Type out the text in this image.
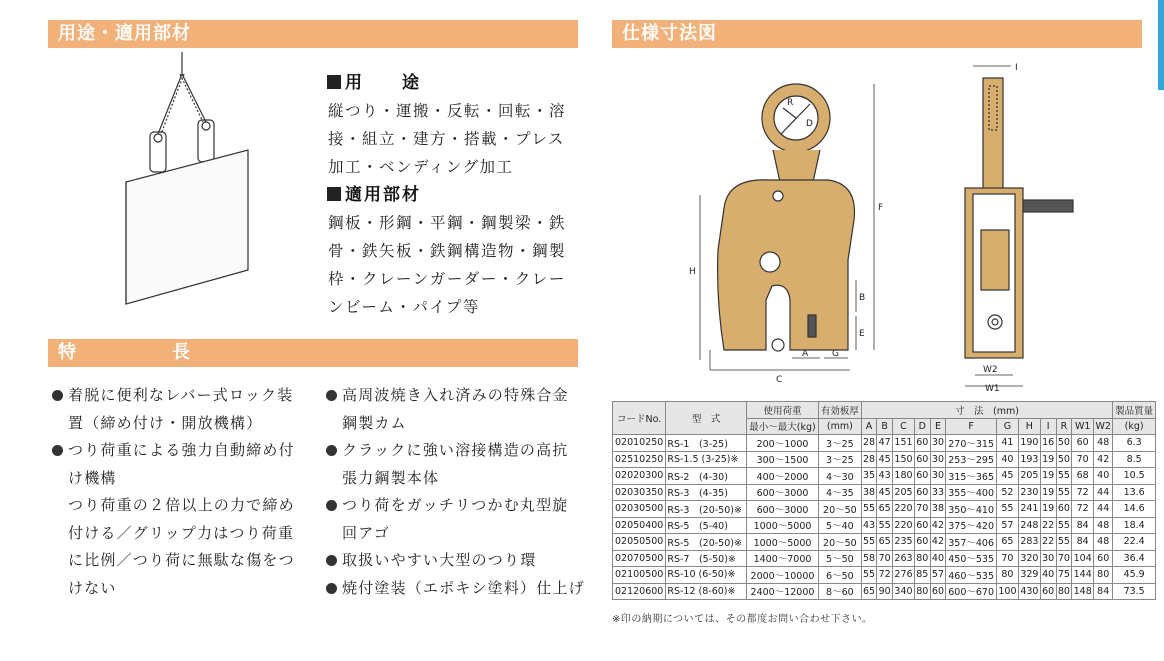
用途・適用部材
特　　　　　長
仕様寸法図
用　　途
縦つり・運搬・反転・回転・溶
接・組立・建方・搭載・プレス
加工・ベンディング加工
適用部材
鋼板・形鋼・平鋼・鋼製梁・鉄
骨・鉄矢板・鉄鋼構造物・鋼製
枠・クレーンガーダー・クレー
ンビーム・パイプ等
着脱に便利なレバー式ロック装
置（締め付け・開放機構）
つり荷重による強力自動締め付
け機構
つり荷重の２倍以上の力で締め
付ける／グリップ力はつり荷重
に比例／つり荷に無駄な傷をつ
けない
高周波焼き入れ済みの特殊合金
鋼製カム
クラックに強い溶接構造の高抗
張力鋼製本体
つり荷をガッチリつかむ丸型旋
回アゴ
取扱いやすい大型のつり環
焼付塗装（エポキシ塗料）仕上げ
R
D
F
H
B
E
A	G
C
I
W2
W1
コードNo.	型　式	使用荷重	有効板厚	寸　法　(mm)												製品質量
		最小～最大(kg)	(mm)	A	B	C	D	E	F	G	H	I	R	W1	W2	(kg)
02010250	RS-1　(3-25)	200～1000	3～25	28	47	151	60	30	270～315	41	190	16	50	60	48	6.3
02510250	RS-1.5 (3-25)※	300～1500	3～25	28	45	150	60	30	253～295	40	193	19	50	70	42	8.5
02020300	RS-2　(4-30)	400～2000	4～30	35	43	180	60	30	315～365	45	205	19	55	68	40	10.5
02030350	RS-3　(4-35)	600～3000	4～35	38	45	205	60	33	355～400	52	230	19	55	72	44	13.6
02030500	RS-3　(20-50)※	600～3000	20～50	55	65	220	70	38	350～410	55	241	19	60	72	44	14.6
02050400	RS-5　(5-40)	1000～5000	5～40	43	55	220	60	42	375～420	57	248	22	55	84	48	18.4
02050500	RS-5　(20-50)※	1000～5000	20～50	55	65	235	60	42	357～406	65	283	22	55	84	48	22.4
02070500	RS-7　(5-50)※	1400～7000	5～50	58	70	263	80	40	450～535	70	320	30	70	104	60	36.4
02100500	RS-10 (6-50)※	2000～10000	6～50	55	72	276	85	57	460～535	80	329	40	75	144	80	45.9
02120600	RS-12 (8-60)※	2400～12000	8～60	65	90	340	80	60	600～670	100	430	60	80	148	84	73.5
※印の納期については、その都度お問い合わせ下さい。
